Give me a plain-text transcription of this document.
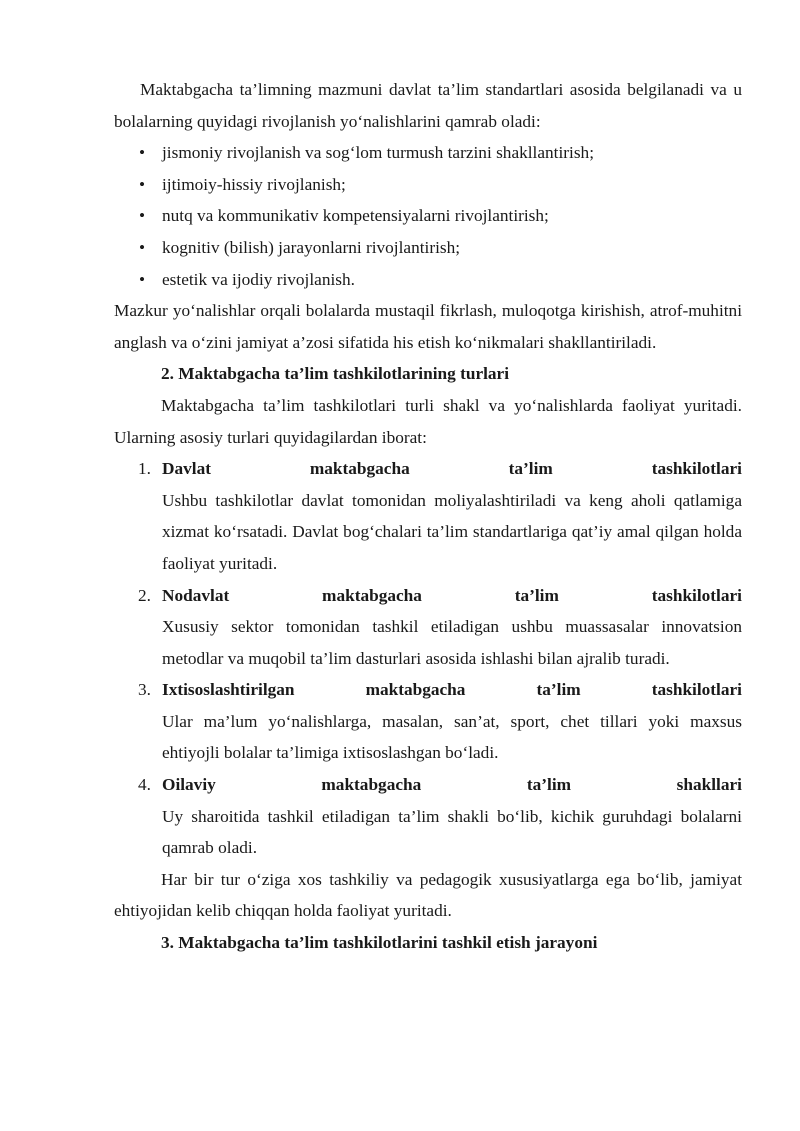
Maktabgacha ta’limning mazmuni davlat ta’lim standartlari asosida belgilanadi va u bolalarning quyidagi rivojlanish yo‘nalishlarini qamrab oladi:

• jismoniy rivojlanish va sog‘lom turmush tarzini shakllantirish;
• ijtimoiy-hissiy rivojlanish;
• nutq va kommunikativ kompetensiyalarni rivojlantirish;
• kognitiv (bilish) jarayonlarni rivojlantirish;
• estetik va ijodiy rivojlanish.

Mazkur yo‘nalishlar orqali bolalarda mustaqil fikrlash, muloqotga kirishish, atrof-muhitni anglash va o‘zini jamiyat a’zosi sifatida his etish ko‘nikmalari shakllantiriladi.

2. Maktabgacha ta’lim tashkilotlarining turlari

Maktabgacha ta’lim tashkilotlari turli shakl va yo‘nalishlarda faoliyat yuritadi. Ularning asosiy turlari quyidagilardan iborat:

1. Davlat	maktabgacha	ta’lim	tashkilotlari
Ushbu tashkilotlar davlat tomonidan moliyalashtiriladi va keng aholi qatlamiga xizmat ko‘rsatadi. Davlat bog‘chalari ta’lim standartlariga qat’iy amal qilgan holda faoliyat yuritadi.
2. Nodavlat	maktabgacha	ta’lim	tashkilotlari
Xususiy sektor tomonidan tashkil etiladigan ushbu muassasalar innovatsion metodlar va muqobil ta’lim dasturlari asosida ishlashi bilan ajralib turadi.
3. Ixtisoslashtirilgan	maktabgacha	ta’lim	tashkilotlari
Ular ma’lum yo‘nalishlarga, masalan, san’at, sport, chet tillari yoki maxsus ehtiyojli bolalar ta’limiga ixtisoslashgan bo‘ladi.
4. Oilaviy	maktabgacha	ta’lim	shakllari
Uy sharoitida tashkil etiladigan ta’lim shakli bo‘lib, kichik guruhdagi bolalarni qamrab oladi.

Har bir tur o‘ziga xos tashkiliy va pedagogik xususiyatlarga ega bo‘lib, jamiyat ehtiyojidan kelib chiqqan holda faoliyat yuritadi.

3. Maktabgacha ta’lim tashkilotlarini tashkil etish jarayoni
